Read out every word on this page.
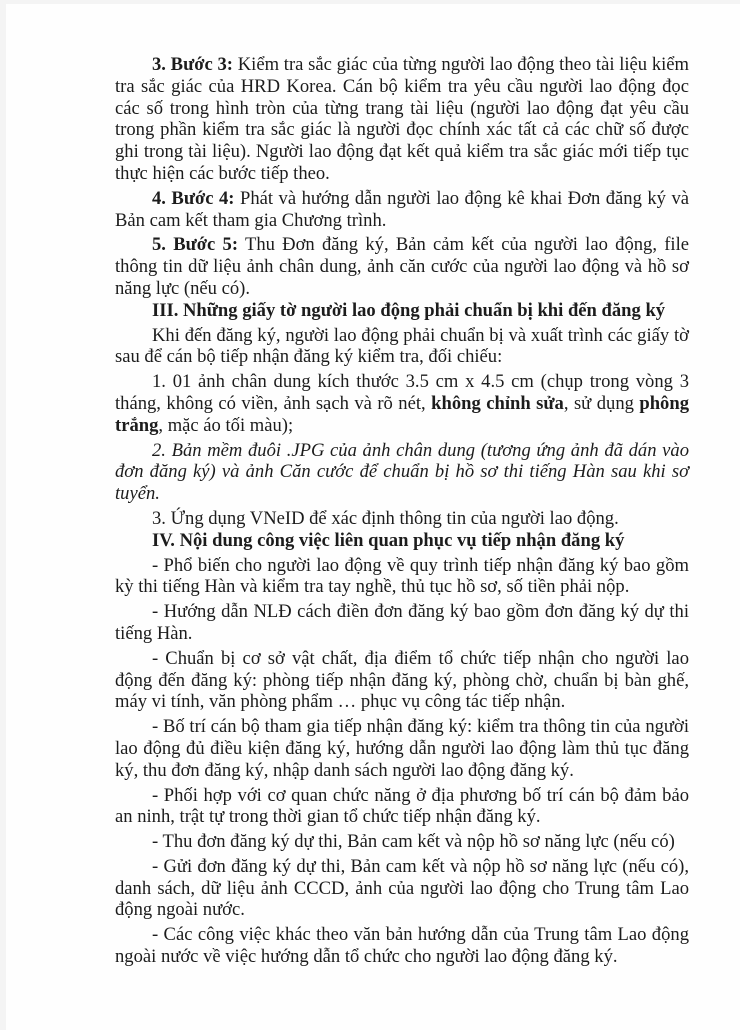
3. Bước 3: Kiểm tra sắc giác của từng người lao động theo tài liệu kiểm tra sắc giác của HRD Korea. Cán bộ kiểm tra yêu cầu người lao động đọc các số trong hình tròn của từng trang tài liệu (người lao động đạt yêu cầu trong phần kiểm tra sắc giác là người đọc chính xác tất cả các chữ số được ghi trong tài liệu). Người lao động đạt kết quả kiểm tra sắc giác mới tiếp tục thực hiện các bước tiếp theo.

4. Bước 4: Phát và hướng dẫn người lao động kê khai Đơn đăng ký và Bản cam kết tham gia Chương trình.

5. Bước 5: Thu Đơn đăng ký, Bản cảm kết của người lao động, file thông tin dữ liệu ảnh chân dung, ảnh căn cước của người lao động và hồ sơ năng lực (nếu có).

III. Những giấy tờ người lao động phải chuẩn bị khi đến đăng ký

Khi đến đăng ký, người lao động phải chuẩn bị và xuất trình các giấy tờ sau để cán bộ tiếp nhận đăng ký kiểm tra, đối chiếu:

1. 01 ảnh chân dung kích thước 3.5 cm x 4.5 cm (chụp trong vòng 3 tháng, không có viền, ảnh sạch và rõ nét, không chỉnh sửa, sử dụng phông trắng, mặc áo tối màu);

2. Bản mềm đuôi .JPG của ảnh chân dung (tương ứng ảnh đã dán vào đơn đăng ký) và ảnh Căn cước để chuẩn bị hồ sơ thi tiếng Hàn sau khi sơ tuyển.

3. Ứng dụng VNeID để xác định thông tin của người lao động.

IV. Nội dung công việc liên quan phục vụ tiếp nhận đăng ký

- Phổ biến cho người lao động về quy trình tiếp nhận đăng ký bao gồm kỳ thi tiếng Hàn và kiểm tra tay nghề, thủ tục hồ sơ, số tiền phải nộp.

- Hướng dẫn NLĐ cách điền đơn đăng ký bao gồm đơn đăng ký dự thi tiếng Hàn.

- Chuẩn bị cơ sở vật chất, địa điểm tổ chức tiếp nhận cho người lao động đến đăng ký: phòng tiếp nhận đăng ký, phòng chờ, chuẩn bị bàn ghế, máy vi tính, văn phòng phẩm … phục vụ công tác tiếp nhận.

- Bố trí cán bộ tham gia tiếp nhận đăng ký: kiểm tra thông tin của người lao động đủ điều kiện đăng ký, hướng dẫn người lao động làm thủ tục đăng ký, thu đơn đăng ký, nhập danh sách người lao động đăng ký.

- Phối hợp với cơ quan chức năng ở địa phương bố trí cán bộ đảm bảo an ninh, trật tự trong thời gian tổ chức tiếp nhận đăng ký.

- Thu đơn đăng ký dự thi, Bản cam kết và nộp hồ sơ năng lực (nếu có)

- Gửi đơn đăng ký dự thi, Bản cam kết và nộp hồ sơ năng lực (nếu có), danh sách, dữ liệu ảnh CCCD, ảnh của người lao động cho Trung tâm Lao động ngoài nước.

- Các công việc khác theo văn bản hướng dẫn của Trung tâm Lao động ngoài nước về việc hướng dẫn tổ chức cho người lao động đăng ký.
